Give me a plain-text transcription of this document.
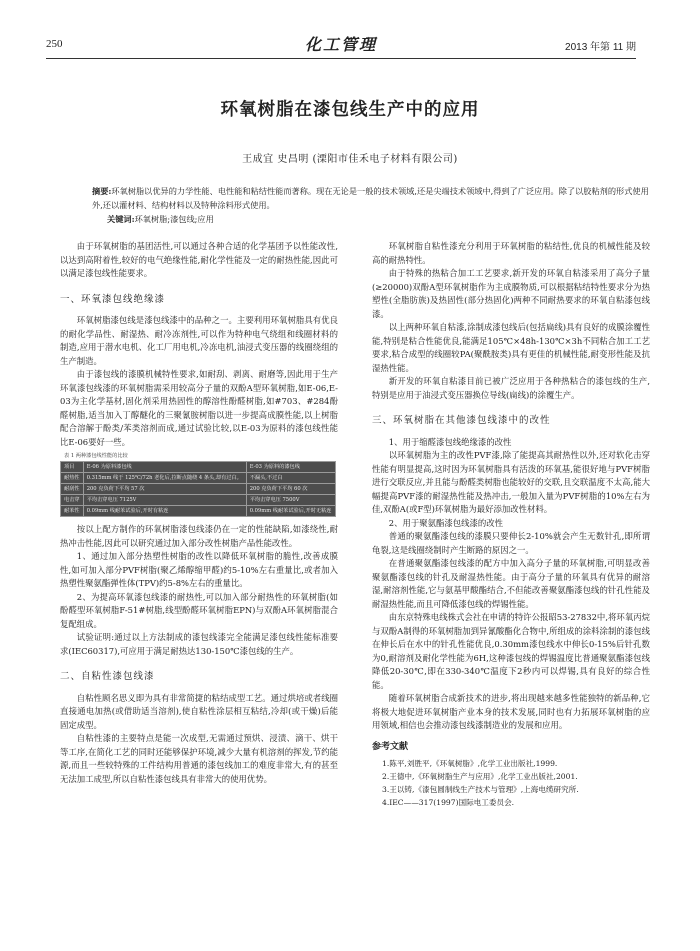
250	化工管理	2013 年第 11 期
环氧树脂在漆包线生产中的应用
王成宜 史昌明 (溧阳市佳禾电子材料有限公司)
摘要:环氧树脂以优异的力学性能、电性能和粘结性能而著称。现在无论是一般的技术领域,还是尖端技术领域中,得到了广泛应用。除了以胶粘剂的形式使用外,还以灌材料、结构材料以及特种涂料形式使用。
关键词:环氧树脂;漆包线;应用

由于环氧树脂的基团活性,可以通过各种合适的化学基团予以性能改性,以达到高附着性,较好的电气绝缘性能,耐化学性能及一定的耐热性能,因此可以满足漆包线性能要求。

一、环氧漆包线绝缘漆

环氧树脂漆包线是漆包线漆中的品种之一。主要利用环氧树脂具有优良的耐化学品性、耐湿热、耐冷冻剂性,可以作为特种电气绕组和线圈材料的制造,应用于潜水电机、化工厂用电机,冷冻电机,油浸式变压器的线圈绕组的生产制造。

由于漆包线的漆膜机械特性要求,如耐刮、剥离、耐磨等,因此用于生产环氧漆包线漆的环氧树脂需采用较高分子量的双酚A型环氧树脂,如E-06,E-03为主化学基材,固化剂采用热固性的醇溶性酚醛树脂,如#703、#284酚醛树脂,适当加入丁醇醚化的三聚氰胺树脂以进一步提高成膜性能,以上树脂配合溶解于酚类/苯类溶剂而成,通过试验比较,以E-03为原料的漆包线性能比E-06要好一些。

表 1 两种漆包线性能的比较
项目	E-06 为原料漆包线	E-03 为原料的漆包线
耐热性	0.315mm 线于 125℃/72h 老化后,拉断点随绕 4 条头,却有过白。	不漏头,不过白
耐刮性	200 克负荷下平均 57 次	200 克负荷下平均 60 次
电击穿	平均击穿电压 7125V	平均击穿电压 7500V
耐苯性	0.09mm 线耐苯试验后,开时有粘连	0.09mm 线耐苯试验后,开时无粘连

按以上配方制作的环氧树脂漆包线漆仍在一定的性能缺陷,如漆绕性,耐热冲击性能,因此可以研究通过加入部分改性树脂产品性能改性。

1、通过加入部分热塑性树脂的改性以降低环氧树脂的脆性,改善成膜性,如可加入部分PVF树脂(聚乙烯醇缩甲醛)约5-10%左右重量比,或者加入热塑性聚氨酯弹性体(TPV)约5-8%左右的重量比。

2、为提高环氧漆包线漆的耐热性,可以加入部分耐热性的环氧树脂(如酚醛型环氧树脂F-51#树脂,线型酚醛环氧树脂EPN)与双酚A环氧树脂混合复配组成。

试验证明:通过以上方法制成的漆包线漆完全能满足漆包线性能标准要求(IEC60317),可应用于满足耐热达130-150℃漆包线的生产。

二、自粘性漆包线漆

自粘性顾名思义即为具有非常简捷的粘结成型工艺。通过烘培或者线圈直接通电加热(或借助适当溶剂),使自粘性涂层相互粘结,冷却(或干燥)后能固定成型。

自粘性漆的主要特点是能一次成型,无需通过预烘、浸渍、滴干、烘干等工序,在简化工艺的同时还能够保护环境,减少大量有机溶剂的挥发,节约能源,而且一些较特殊的工件结构用普通的漆包线加工的难度非常大,有的甚至无法加工成型,所以自粘性漆包线具有非常大的使用优势。

环氧树脂自粘性漆充分利用于环氧树脂的粘结性,优良的机械性能及较高的耐热特性。

由于特殊的热粘合加工工艺要求,新开发的环氧自粘漆采用了高分子量(≥20000)双酚A型环氧树脂作为主成膜物质,可以根据粘结特性要求分为热塑性(全脂肪族)及热固性(部分热固化)两种不同耐热要求的环氧自粘漆包线漆。

以上两种环氧自粘漆,涂制成漆包线后(包括扁线)具有良好的成膜涂覆性能,特别是粘合性能优良,能满足105℃×48h-130℃×3h不同粘合加工工艺要求,粘合成型的线圈较PA(聚酰胺类)具有更佳的机械性能,耐变形性能及抗湿热性能。

新开发的环氧自粘漆目前已被广泛应用于各种热粘合的漆包线的生产,特别是应用于油浸式变压器换位导线(扁线)的涂覆生产。

三、环氧树脂在其他漆包线漆中的改性

1、用于缩醛漆包线绝缘漆的改性

以环氧树脂为主的改性PVF漆,除了能提高其耐热性以外,还对软化击穿性能有明显提高,这时因为环氧树脂具有活泼的环氧基,能很好地与PVF树脂进行交联反应,并且能与酚醛类树脂也能较好的交联,且交联温度不太高,能大幅提高PVF漆的耐湿热性能及热冲击,一般加入量为PVF树脂的10%左右为佳,双酚A(或F型)环氧树脂为最好添加改性材料。

2、用于聚氨酯漆包线漆的改性

普通的聚氨酯漆包线的漆膜只要伸长2-10%就会产生无数针孔,即所谓龟裂,这是线圈绕制时产生断路的原因之一。

在普通聚氨酯漆包线漆的配方中加入高分子量的环氧树脂,可明显改善聚氨酯漆包线的针孔及耐湿热性能。由于高分子量的环氧具有优异的耐溶湿,耐溶剂性能,它与氨基甲酸酯结合,不但能改善聚氨酯漆包线的针孔性能及耐湿热性能,而且可降低漆包线的焊锡性能。

由东京特殊电线株式会社在申请的特许公报昭53-27832中,将环氧丙烷与双酚A制得的环氧树脂加到异氰酸酯化合物中,所组成的涂料涂制的漆包线在伸长后在水中的针孔性能优良,0.30mm漆包线水中伸长0-15%后针孔数为0,耐溶剂及耐化学性能为6H,这种漆包线的焊锡温度比普通聚氨酯漆包线降低20-30℃,即在330-340℃温度下2秒内可以焊锡,具有良好的综合性能。

随着环氧树脂合成新技术的进步,将出现越来越多性能独特的新品种,它将极大地促进环氧树脂产业本身的技术发展,同时也有力拓展环氧树脂的应用领域,相信也会推动漆包线漆制造业的发展和应用。

参考文献
1.陈平,刘胜平,《环氧树脂》,化学工业出版社,1999.
2.王德中,《环氧树脂生产与应用》,化学工业出版社,2001.
3.王以铸,《漆包圆制线生产技术与管理》,上海电缆研究所.
4.IEC——317(1997)国际电工委员会.
